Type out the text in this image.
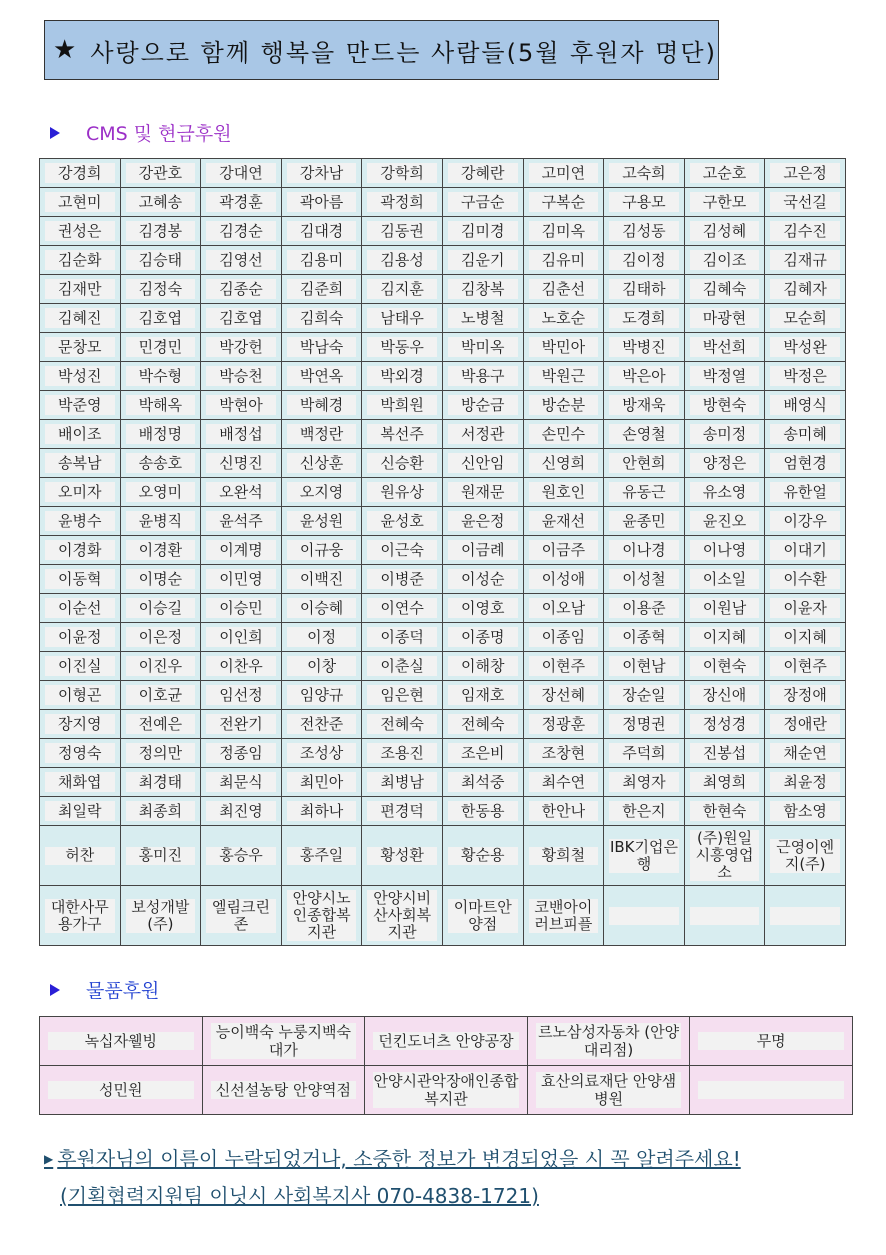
★ 사랑으로 함께 행복을 만드는 사람들(5월 후원자 명단)
CMS 및 현금후원
강경희	강관호	강대연	강차남	강학희	강혜란	고미연	고숙희	고순호	고은정

고현미	고혜송	곽경훈	곽아름	곽정희	구금순	구복순	구용모	구한모	국선길

권성은	김경봉	김경순	김대경	김동권	김미경	김미옥	김성동	김성혜	김수진

김순화	김승태	김영선	김용미	김용성	김운기	김유미	김이정	김이조	김재규

김재만	김정숙	김종순	김준희	김지훈	김창복	김춘선	김태하	김혜숙	김혜자

김혜진	김호엽	김호엽	김희숙	남태우	노병철	노호순	도경희	마광현	모순희

문창모	민경민	박강헌	박남숙	박동우	박미옥	박민아	박병진	박선희	박성완

박성진	박수형	박승천	박연옥	박외경	박용구	박원근	박은아	박정열	박정은

박준영	박해옥	박현아	박혜경	박희원	방순금	방순분	방재욱	방현숙	배영식

배이조	배정명	배정섭	백정란	복선주	서정관	손민수	손영철	송미정	송미혜

송복남	송송호	신명진	신상훈	신승환	신안임	신영희	안현희	양정은	엄현경

오미자	오영미	오완석	오지영	원유상	원재문	원호인	유동근	유소영	유한얼

윤병수	윤병직	윤석주	윤성원	윤성호	윤은정	윤재선	윤종민	윤진오	이강우

이경화	이경환	이계명	이규웅	이근숙	이금례	이금주	이나경	이나영	이대기

이동혁	이명순	이민영	이백진	이병준	이성순	이성애	이성철	이소일	이수환

이순선	이승길	이승민	이승혜	이연수	이영호	이오남	이용준	이원남	이윤자

이윤정	이은정	이인희	이정	이종덕	이종명	이종임	이종혁	이지혜	이지혜

이진실	이진우	이찬우	이창	이춘실	이해창	이현주	이현남	이현숙	이현주

이형곤	이호균	임선정	임양규	임은현	임재호	장선혜	장순일	장신애	장정애

장지영	전예은	전완기	전찬준	전혜숙	전혜숙	정광훈	정명권	정성경	정애란

정영숙	정의만	정종임	조성상	조용진	조은비	조창현	주덕희	진봉섭	채순연

채화엽	최경태	최문식	최민아	최병남	최석중	최수연	최영자	최영희	최윤정

최일락	최종희	최진영	최하나	편경덕	한동용	한안나	한은지	한현숙	함소영

허찬	홍미진	홍승우	홍주일	황성환	황순용	황희철	IBK기업은행	(주)원일시흥영업소	근영이엔지(주)

대한사무용가구	보성개발(주)	엘림크린존	안양시노인종합복지관	안양시비산사회복지관	이마트안양점	코밴아이러브피플			

물품후원
녹십자웰빙	능이백숙 누룽지백숙 대가	던킨도너츠 안양공장	르노삼성자동차 (안양대리점)	무명

성민원	신선설농탕 안양역점	안양시관악장애인종합복지관	효산의료재단 안양샘병원	

▶ 후원자님의 이름이 누락되었거나, 소중한 정보가 변경되었을 시 꼭 알려주세요!
(기획협력지원팀 이닛시 사회복지사 070-4838-1721)
